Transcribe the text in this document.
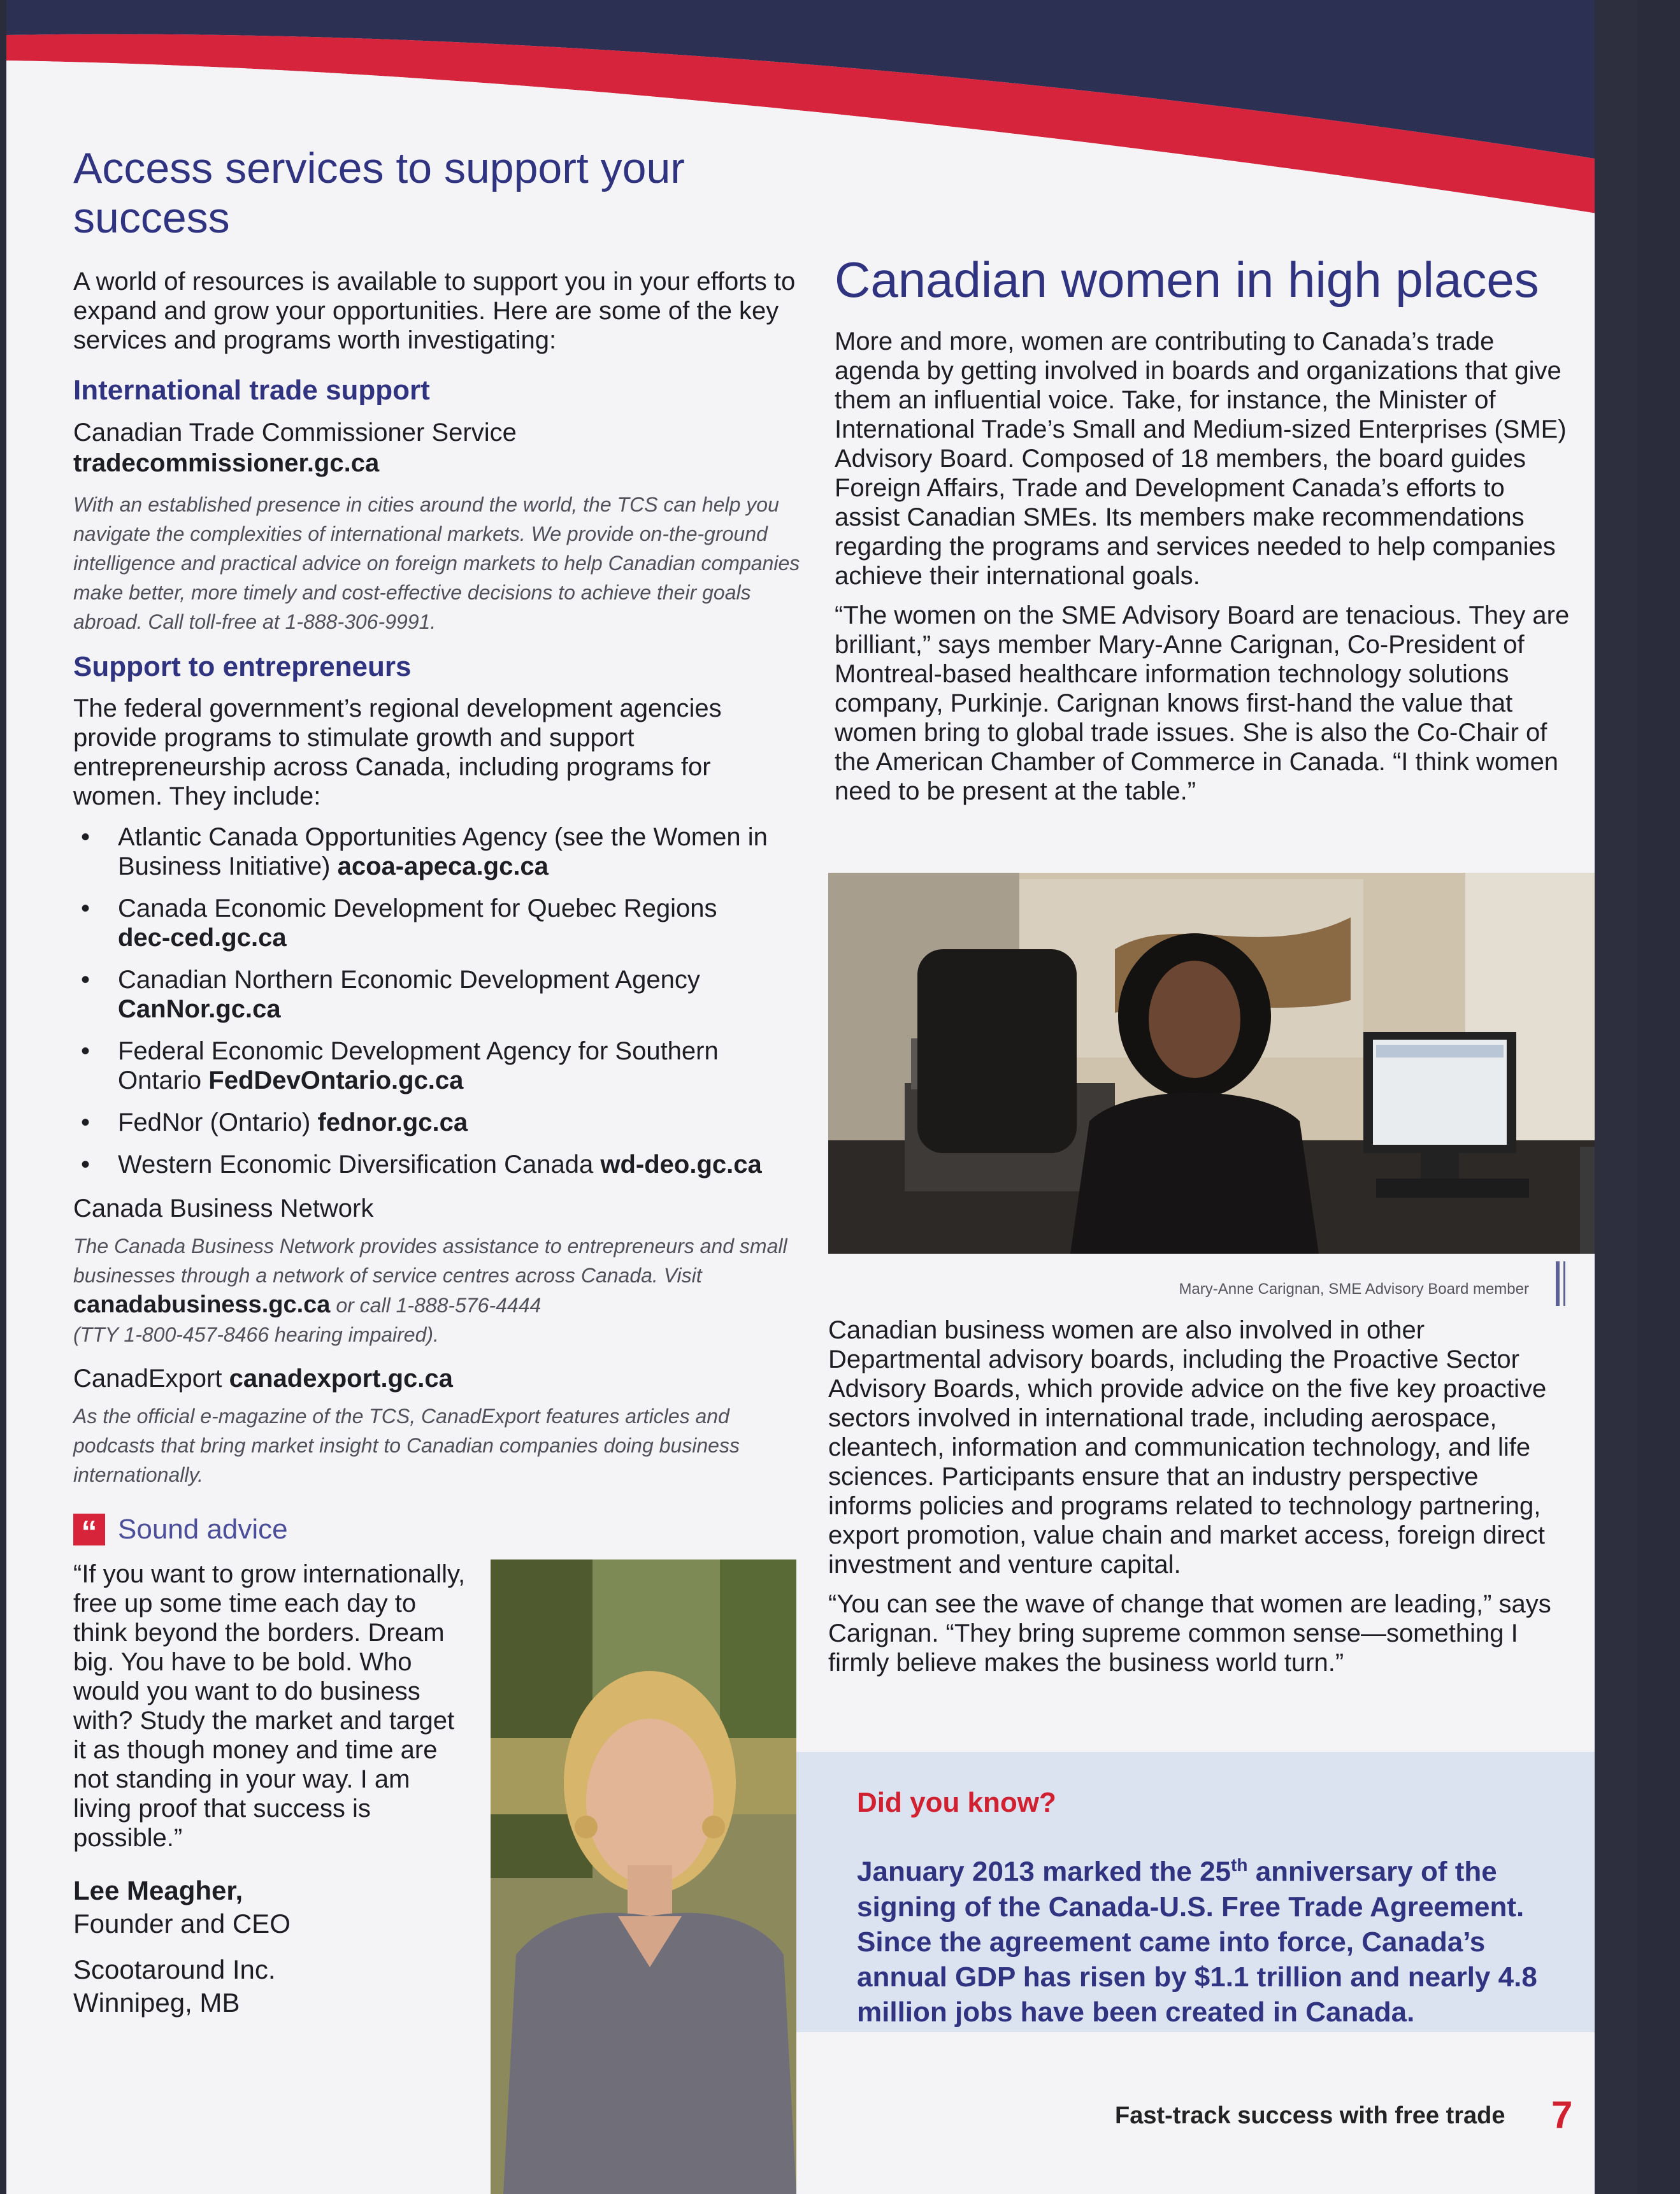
Access services to support your success

A world of resources is available to support you in your efforts to expand and grow your opportunities. Here are some of the key services and programs worth investigating:

International trade support

Canadian Trade Commissioner Service

tradecommissioner.gc.ca

With an established presence in cities around the world, the TCS can help you navigate the complexities of international markets. We provide on-the-ground intelligence and practical advice on foreign markets to help Canadian companies make better, more timely and cost-effective decisions to achieve their goals abroad. Call toll-free at 1-888-306-9991.

Support to entrepreneurs

The federal government’s regional development agencies provide programs to stimulate growth and support entrepreneurship across Canada, including programs for women. They include:

• Atlantic Canada Opportunities Agency (see the Women in Business Initiative) acoa-apeca.gc.ca
• Canada Economic Development for Quebec Regions
dec-ced.gc.ca
• Canadian Northern Economic Development Agency
CanNor.gc.ca
• Federal Economic Development Agency for Southern Ontario FedDevOntario.gc.ca
• FedNor (Ontario) fednor.gc.ca
• Western Economic Diversification Canada wd-deo.gc.ca

Canada Business Network

The Canada Business Network provides assistance to entrepreneurs and small businesses through a network of service centres across Canada. Visit canadabusiness.gc.ca or call 1-888-576-4444
(TTY 1-800-457-8466 hearing impaired).

CanadExport canadexport.gc.ca

As the official e-magazine of the TCS, CanadExport features articles and podcasts that bring market insight to Canadian companies doing business internationally.

“ Sound advice

“If you want to grow internationally, free up some time each day to think beyond the borders. Dream big. You have to be bold. Who would you want to do business with? Study the market and target it as though money and time are not standing in your way. I am living proof that success is possible.”

Lee Meagher,

Founder and CEO

Scootaround Inc.

Winnipeg, MB

Canadian women in high places

More and more, women are contributing to Canada’s trade agenda by getting involved in boards and organizations that give them an influential voice. Take, for instance, the Minister of International Trade’s Small and Medium-sized Enterprises (SME) Advisory Board. Composed of 18 members, the board guides Foreign Affairs, Trade and Development Canada’s efforts to assist Canadian SMEs. Its members make recommendations regarding the programs and services needed to help companies achieve their international goals.

“The women on the SME Advisory Board are tenacious. They are brilliant,” says member Mary-Anne Carignan, Co-President of Montreal-based healthcare information technology solutions company, Purkinje. Carignan knows first-hand the value that women bring to global trade issues. She is also the Co-Chair of the American Chamber of Commerce in Canada. “I think women need to be present at the table.”

Mary-Anne Carignan, SME Advisory Board member

Canadian business women are also involved in other Departmental advisory boards, including the Proactive Sector Advisory Boards, which provide advice on the five key proactive sectors involved in international trade, including aerospace, cleantech, information and communication technology, and life sciences. Participants ensure that an industry perspective informs policies and programs related to technology partnering, export promotion, value chain and market access, foreign direct investment and venture capital.

“You can see the wave of change that women are leading,” says Carignan. “They bring supreme common sense—something I firmly believe makes the business world turn.”

Did you know?
January 2013 marked the 25th anniversary of the signing of the Canada-U.S. Free Trade Agreement. Since the agreement came into force, Canada’s annual GDP has risen by $1.1 trillion and nearly 4.8 million jobs have been created in Canada.
Fast-track success with free trade 7
